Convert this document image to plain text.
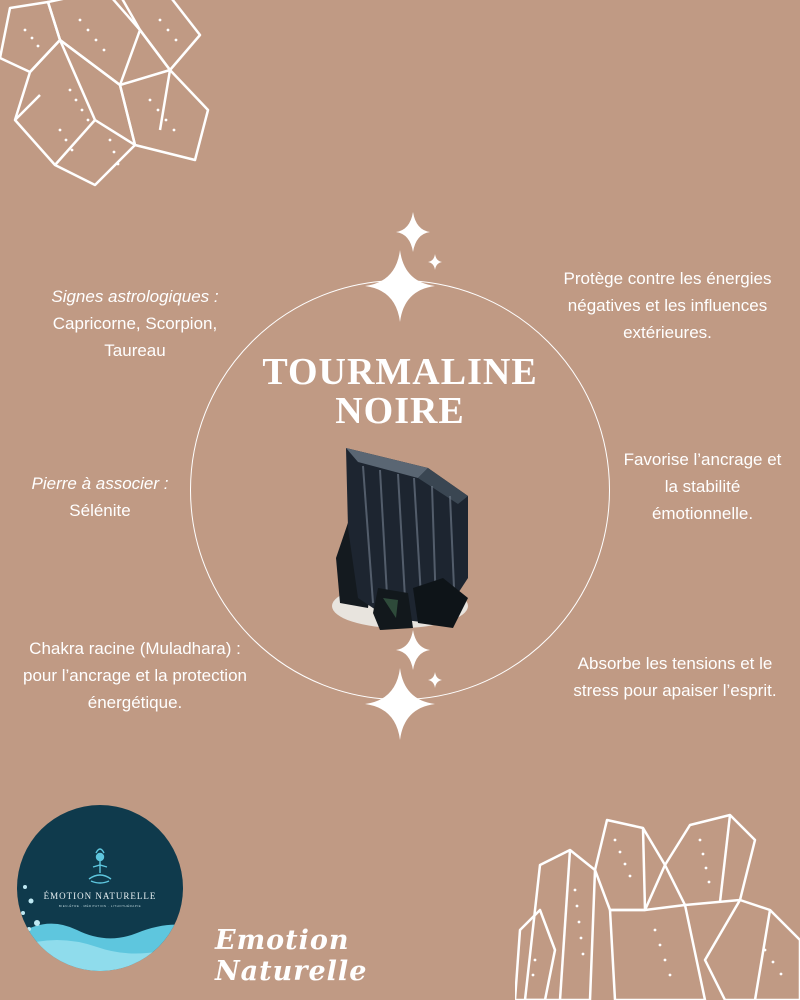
TOURMALINE
NOIRE

Signes astrologiques :
Capricorne, Scorpion, Taureau

Pierre à associer :
Sélénite

Chakra racine (Muladhara) : pour l’ancrage et la protection énergétique.

Protège contre les énergies négatives et les influences extérieures.

Favorise l’ancrage et la stabilité émotionnelle.

Absorbe les tensions et le stress pour apaiser l’esprit.

ÉMOTION NATURELLE
BIEN-ÊTRE · MÉDITATION · LITHOTHÉRAPIE
Emotion Naturelle
